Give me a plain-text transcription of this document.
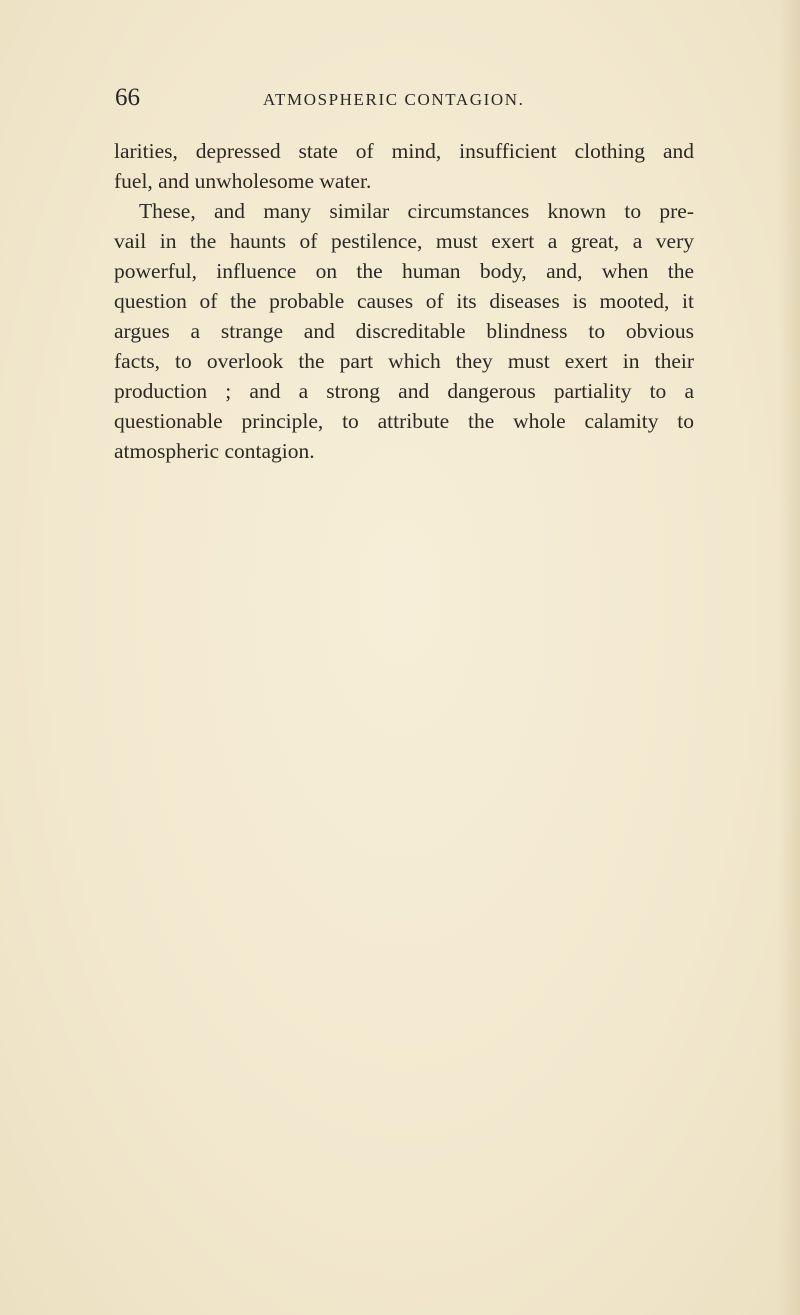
66	ATMOSPHERIC CONTAGION.
larities, depressed state of mind, insufficient clothing and
fuel, and unwholesome water.
These, and many similar circumstances known to pre-
vail in the haunts of pestilence, must exert a great, a very
powerful, influence on the human body, and, when the
question of the probable causes of its diseases is mooted, it
argues a strange and discreditable blindness to obvious
facts, to overlook the part which they must exert in their
production ; and a strong and dangerous partiality to a
questionable principle, to attribute the whole calamity to
atmospheric contagion.
